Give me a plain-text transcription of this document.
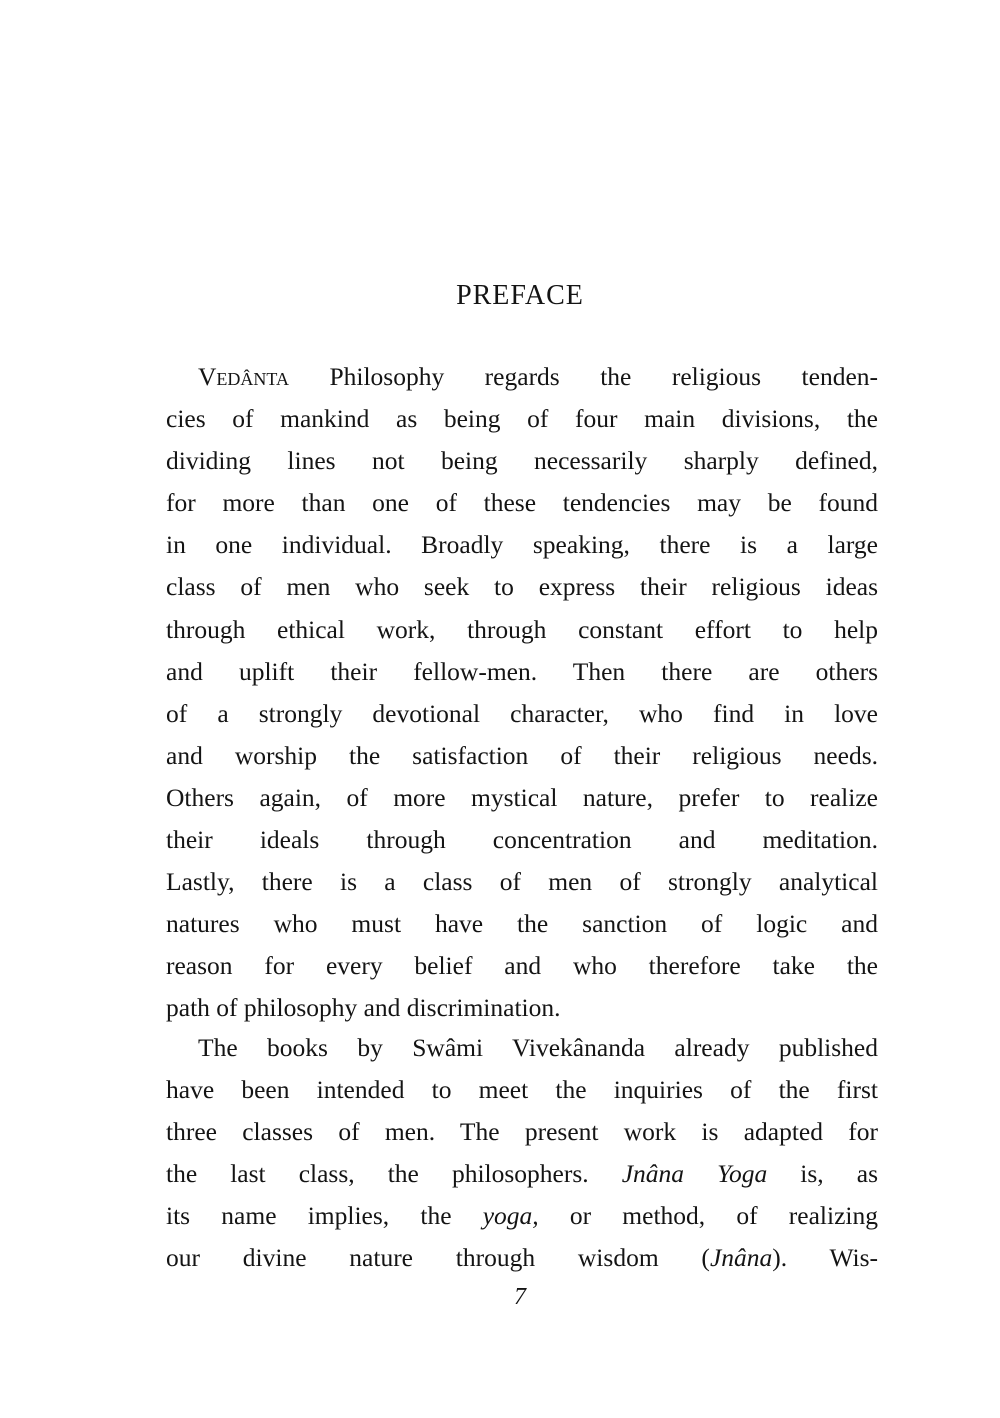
PREFACE
Vedânta Philosophy regards the religious tenden-
cies of mankind as being of four main divisions, the
dividing lines not being necessarily sharply defined,
for more than one of these tendencies may be found
in one individual. Broadly speaking, there is a large
class of men who seek to express their religious ideas
through ethical work, through constant effort to help
and uplift their fellow-men. Then there are others
of a strongly devotional character, who find in love
and worship the satisfaction of their religious needs.
Others again, of more mystical nature, prefer to realize
their ideals through concentration and meditation.
Lastly, there is a class of men of strongly analytical
natures who must have the sanction of logic and
reason for every belief and who therefore take the
path of philosophy and discrimination.
The books by Swâmi Vivekânanda already published
have been intended to meet the inquiries of the first
three classes of men. The present work is adapted for
the last class, the philosophers. Jnâna Yoga is, as
its name implies, the yoga, or method, of realizing
our divine nature through wisdom (Jnâna). Wis-
7
